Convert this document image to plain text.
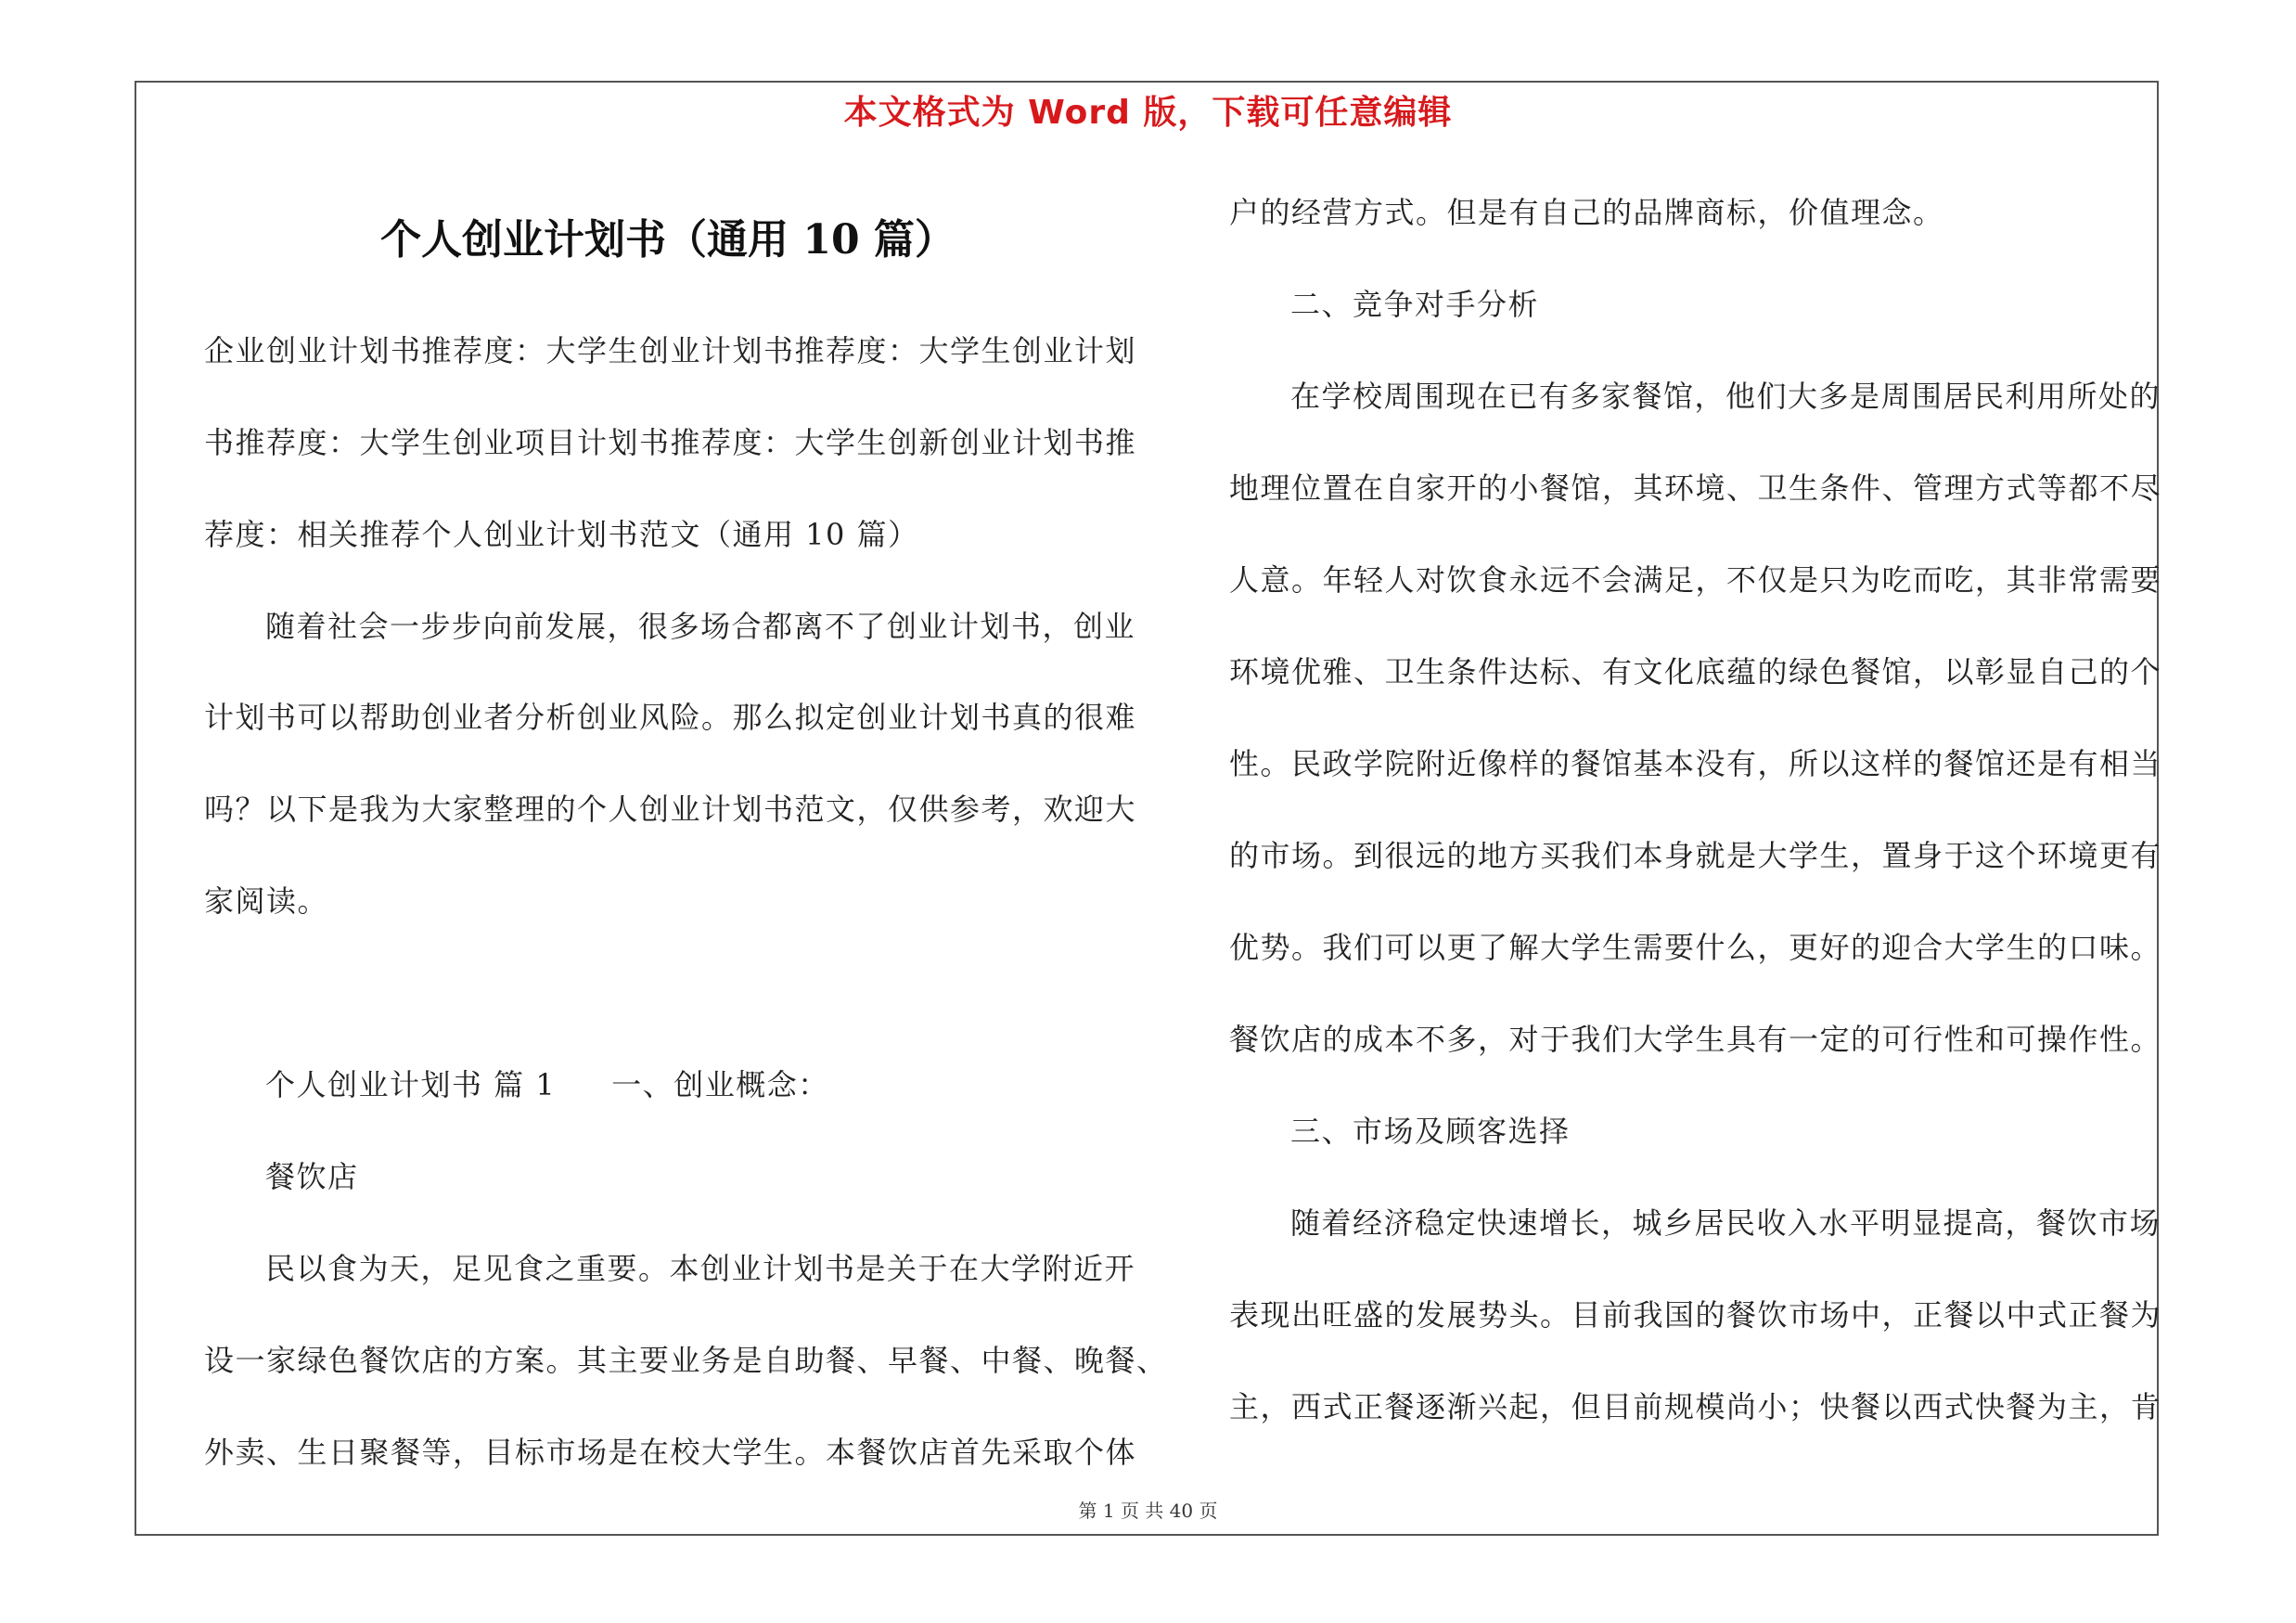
本文格式为 Word 版，下载可任意编辑
个人创业计划书（通用 10 篇）
企业创业计划书推荐度：大学生创业计划书推荐度：大学生创业计划
书推荐度：大学生创业项目计划书推荐度：大学生创新创业计划书推
荐度：相关推荐个人创业计划书范文（通用 10 篇）
随着社会一步步向前发展，很多场合都离不了创业计划书，创业
计划书可以帮助创业者分析创业风险。那么拟定创业计划书真的很难
吗？以下是我为大家整理的个人创业计划书范文，仅供参考，欢迎大
家阅读。
个人创业计划书 篇 1 一、创业概念：
餐饮店
民以食为天，足见食之重要。本创业计划书是关于在大学附近开
设一家绿色餐饮店的方案。其主要业务是自助餐、早餐、中餐、晚餐、
外卖、生日聚餐等，目标市场是在校大学生。本餐饮店首先采取个体
户的经营方式。但是有自己的品牌商标，价值理念。
二、竞争对手分析
在学校周围现在已有多家餐馆，他们大多是周围居民利用所处的
地理位置在自家开的小餐馆，其环境、卫生条件、管理方式等都不尽
人意。年轻人对饮食永远不会满足，不仅是只为吃而吃，其非常需要
环境优雅、卫生条件达标、有文化底蕴的绿色餐馆，以彰显自己的个
性。民政学院附近像样的餐馆基本没有，所以这样的餐馆还是有相当
的市场。到很远的地方买我们本身就是大学生，置身于这个环境更有
优势。我们可以更了解大学生需要什么，更好的迎合大学生的口味。
餐饮店的成本不多，对于我们大学生具有一定的可行性和可操作性。
三、市场及顾客选择
随着经济稳定快速增长，城乡居民收入水平明显提高，餐饮市场
表现出旺盛的发展势头。目前我国的餐饮市场中，正餐以中式正餐为
主，西式正餐逐渐兴起，但目前规模尚小；快餐以西式快餐为主，肯
第 1 页 共 40 页
